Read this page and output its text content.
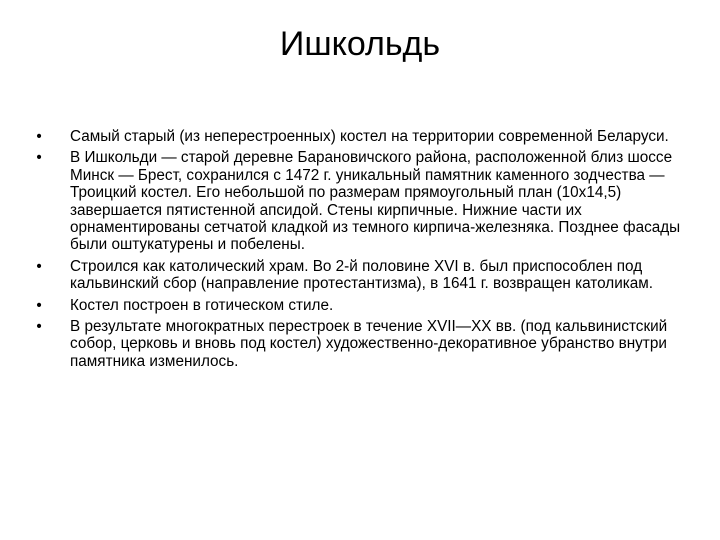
Ишкольдь
• Самый старый (из неперестроенных) костел на территории современной Беларуси.
• В Ишкольди — старой деревне Барановичского района, расположенной близ шоссе Минск — Брест, сохранился с 1472 г. уникальный памятник каменного зодчества — Троицкий костел. Его небольшой по размерам прямоугольный план (10х14,5) завершается пятистенной апсидой. Стены кирпичные. Нижние части их орнаментированы сетчатой кладкой из темного кирпича-железняка. Позднее фасады были оштукатурены и побелены.
• Строился как католический храм. Во 2-й половине XVI в. был приспособлен под кальвинский сбор (направление протестантизма), в 1641 г. возвращен католикам.
• Костел построен в готическом стиле.
• В результате многократных перестроек в течение XVII—XX вв. (под кальвинистский собор, церковь и вновь под костел) художественно-декоративное убранство внутри памятника изменилось.
